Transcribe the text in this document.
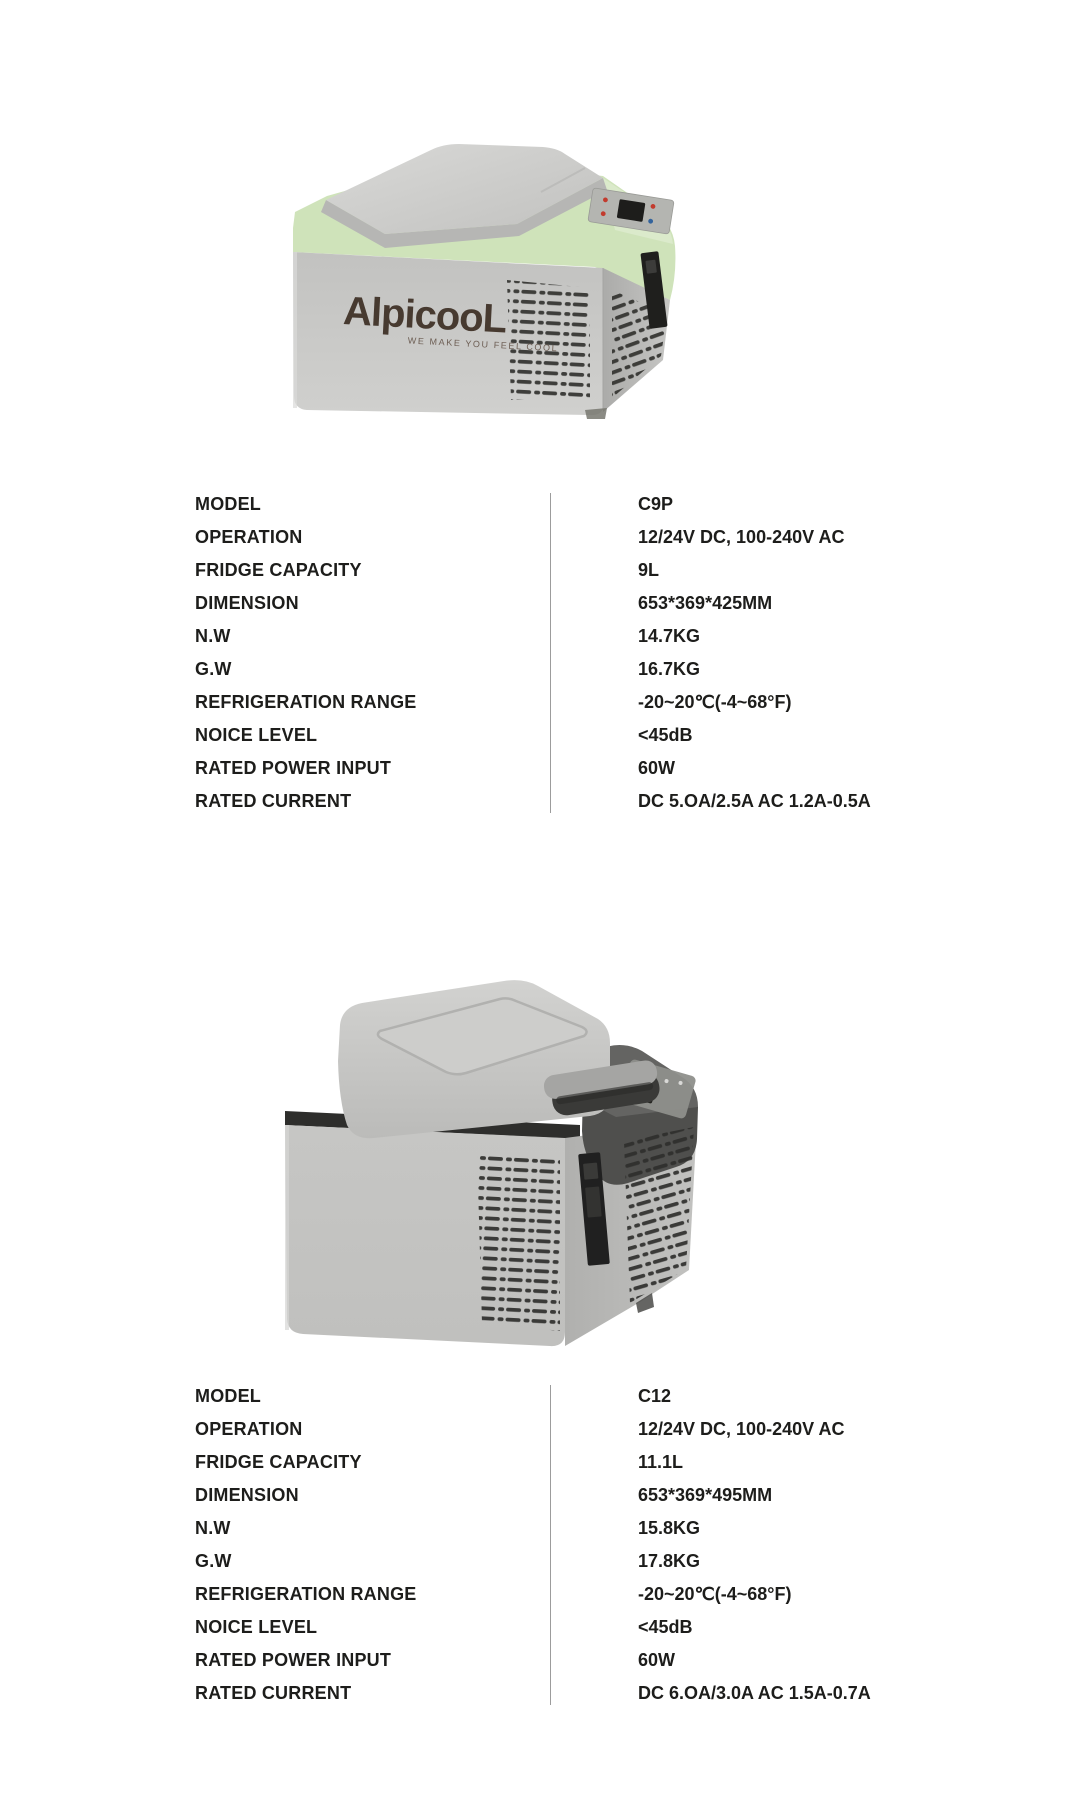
AlpicooL
WE MAKE YOU FEEL COOL
MODEL	C9P
OPERATION	12/24V DC, 100-240V AC
FRIDGE CAPACITY	9L
DIMENSION	653*369*425MM
N.W	14.7KG
G.W	16.7KG
REFRIGERATION RANGE	-20~20℃(-4~68°F)
NOICE LEVEL	<45dB
RATED POWER INPUT	60W
RATED CURRENT	DC 5.OA/2.5A AC 1.2A-0.5A
MODEL	C12
OPERATION	12/24V DC, 100-240V AC
FRIDGE CAPACITY	11.1L
DIMENSION	653*369*495MM
N.W	15.8KG
G.W	17.8KG
REFRIGERATION RANGE	-20~20℃(-4~68°F)
NOICE LEVEL	<45dB
RATED POWER INPUT	60W
RATED CURRENT	DC 6.OA/3.0A AC 1.5A-0.7A
